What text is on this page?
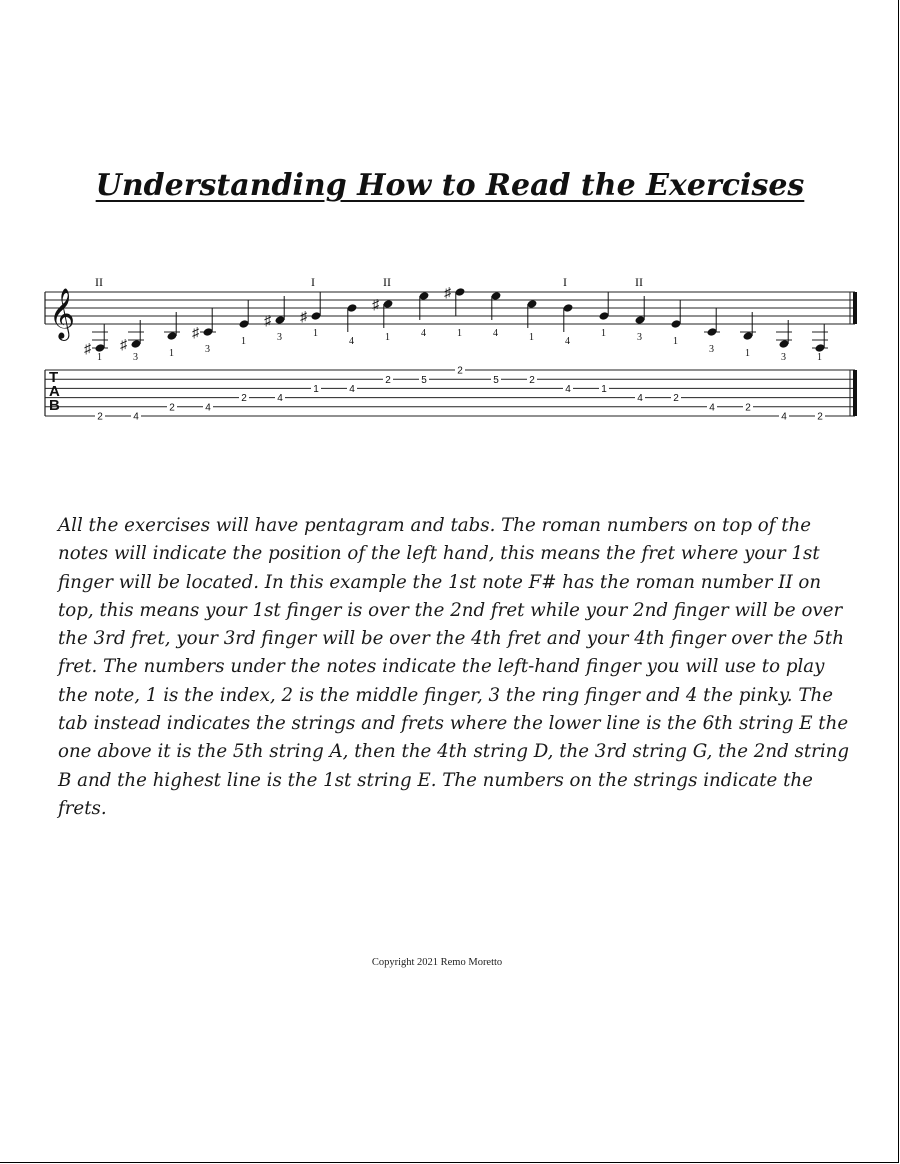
Understanding How to Read the Exercises
𝄞
T
A
B
2	4
2	4
2	4
1	4
2	5
2
5	2
4	1
4	2
4	2
4	2
♯
1
II
♯
3	1
♯
3
1
♯
3
♯
1
I
4
♯
1
II
4
♯
1	4	1	4
I
1	3
II
1
3	1	3	1

All the exercises will have pentagram and tabs. The roman numbers on top of the notes will indicate the position of the left hand, this means the fret where your 1st finger will be located. In this example the 1st note F# has the roman number II on top, this means your 1st finger is over the 2nd fret while your 2nd finger will be over the 3rd fret, your 3rd finger will be over the 4th fret and your 4th finger over the 5th fret. The numbers under the notes indicate the left-hand finger you will use to play the note, 1 is the index, 2 is the middle finger, 3 the ring finger and 4 the pinky. The tab instead indicates the strings and frets where the lower line is the 6th string E the one above it is the 5th string A, then the 4th string D, the 3rd string G, the 2nd string B and the highest line is the 1st string E. The numbers on the strings indicate the frets.

Copyright 2021 Remo Moretto
